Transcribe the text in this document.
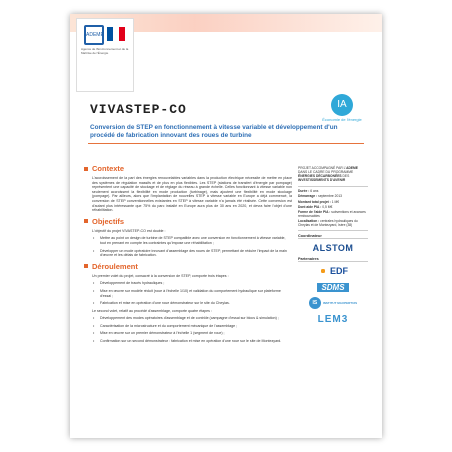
ADEME
Agence de l'Environnement et de la Maîtrise de l'Énergie
VIVASTEP-CO	IA
Économie de l'énergie
Conversion de STEP en fonctionnement à vitesse variable et développement d'un procédé de fabrication innovant des roues de turbine
Contexte

L'accroissement de la part des énergies renouvelables variables dans la production électrique nécessite de mettre en place des systèmes de régulation massifs et de plus en plus flexibles. Les STEP (stations de transfert d'énergie par pompage) représentent une capacité de stockage et de réglage du réseau à grande échelle. Celles fonctionnant à vitesse variable non seulement accroissent la flexibilité en mode production (turbinage), mais ajoutent une flexibilité en mode stockage (pompage). Par ailleurs, alors que l'implantation de nouvelles STEP à vitesse variable en Europe a déjà commencé, la conversion de STEP conventionnelles existantes en STEP à vitesse variable n'a jamais été réalisée. Cette conversion est d'autant plus intéressante que 75% du parc installé en Europe aura plus de 30 ans en 2020, et devra faire l'objet d'une réhabilitation.

Objectifs

L'objectif du projet VIVASTEP-CO est double :

• Mettre au point un design de turbine de STEP compatible avec une conversion en fonctionnement à vitesse variable, tout en prenant en compte les contraintes qu'impose une réhabilitation ;
• Développer un mode opératoire innovant d'assemblage des roues de STEP, permettant de réduire l'impact de la main d'œuvre et les délais de fabrication.
Déroulement

Un premier volet du projet, consacré à la conversion de STEP, comporte trois étapes :

• Développement de tracés hydrauliques ;
• Mise en œuvre sur modèle réduit (roue à l'échelle 1/10) et validation du comportement hydraulique sur plateforme d'essai ;
• Fabrication et mise en opération d'une roue démonstrateur sur le site du Cheylas.

Le second volet, relatif au procédé d'assemblage, comporte quatre étapes :

• Développement des modes opératoires d'assemblage et de contrôle (campagne d'essai sur blocs & simulation) ;
• Caractérisation de la microstructure et du comportement mécanique de l'assemblage ;
• Mise en œuvre sur un premier démonstrateur à l'échelle 1 (segment de roue) ;
• Confirmation sur un second démonstrateur : fabrication et mise en opération d'une roue sur le site de Montezyard.
PROJET ACCOMPAGNÉ PAR L'ADEME DANS LE CADRE DU PROGRAMME ÉNERGIES DÉCARBONÉES DES INVESTISSEMENTS D'AVENIR
Durée : 6 ans
Démarrage : septembre 2013
Montant total projet : 1 M€
Dont aide PIA : 0,5 M€
Forme de l'aide PIA : subventions et avances remboursables
Localisation : centrales hydrauliques du Cheylas et de Montezyard, Isère (38)
Coordinateur
ALSTOM
Partenaires
EDF
SDMS
IS	INSTITUT MAUPERTUIS
LEM3
